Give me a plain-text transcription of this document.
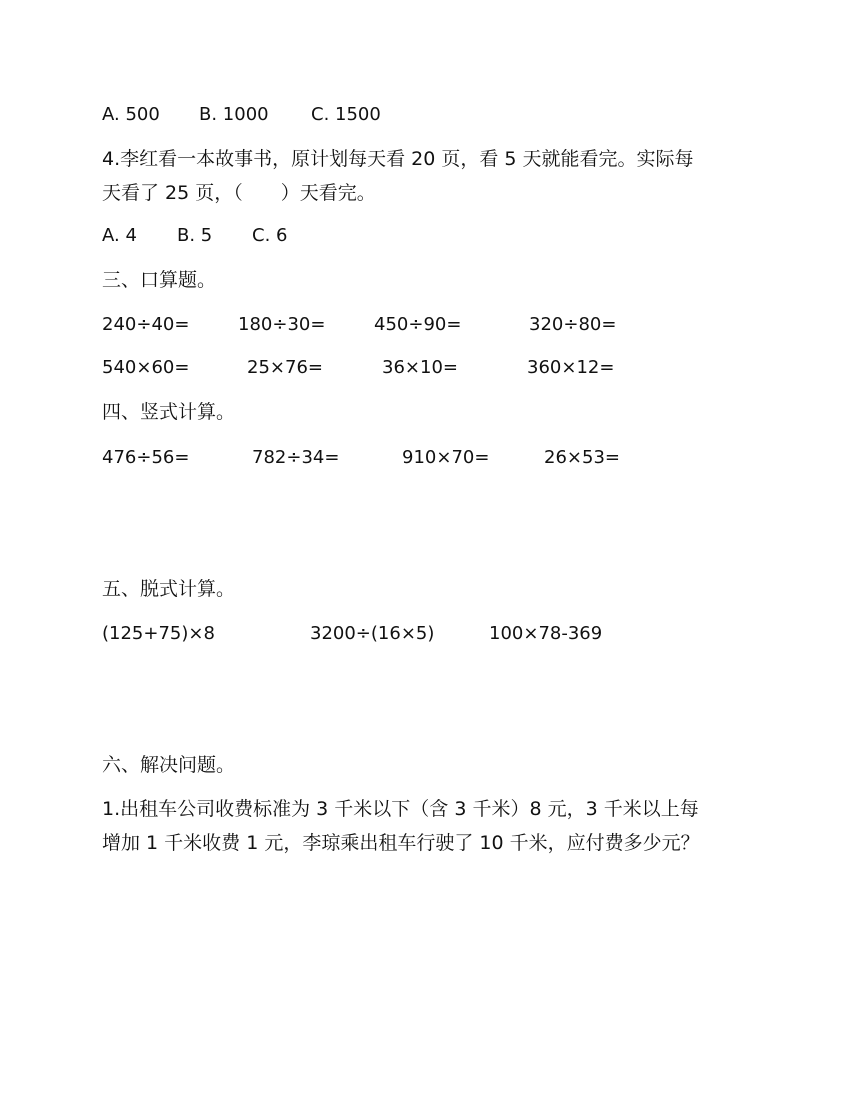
A. 500 B. 1000 C. 1500
4.李红看一本故事书，原计划每天看 20 页，看 5 天就能看完。实际每
天看了 25 页，（　　）天看完。
A. 4 B. 5 C. 6
三、口算题。
240÷40=	180÷30=	450÷90=	320÷80=
540×60=	25×76=	36×10=	360×12=
四、竖式计算。
476÷56=	782÷34=	910×70=	26×53=
五、脱式计算。
(125+75)×8	3200÷(16×5)	100×78-369
六、解决问题。
1.出租车公司收费标准为 3 千米以下（含 3 千米）8 元，3 千米以上每
增加 1 千米收费 1 元，李琼乘出租车行驶了 10 千米，应付费多少元？
